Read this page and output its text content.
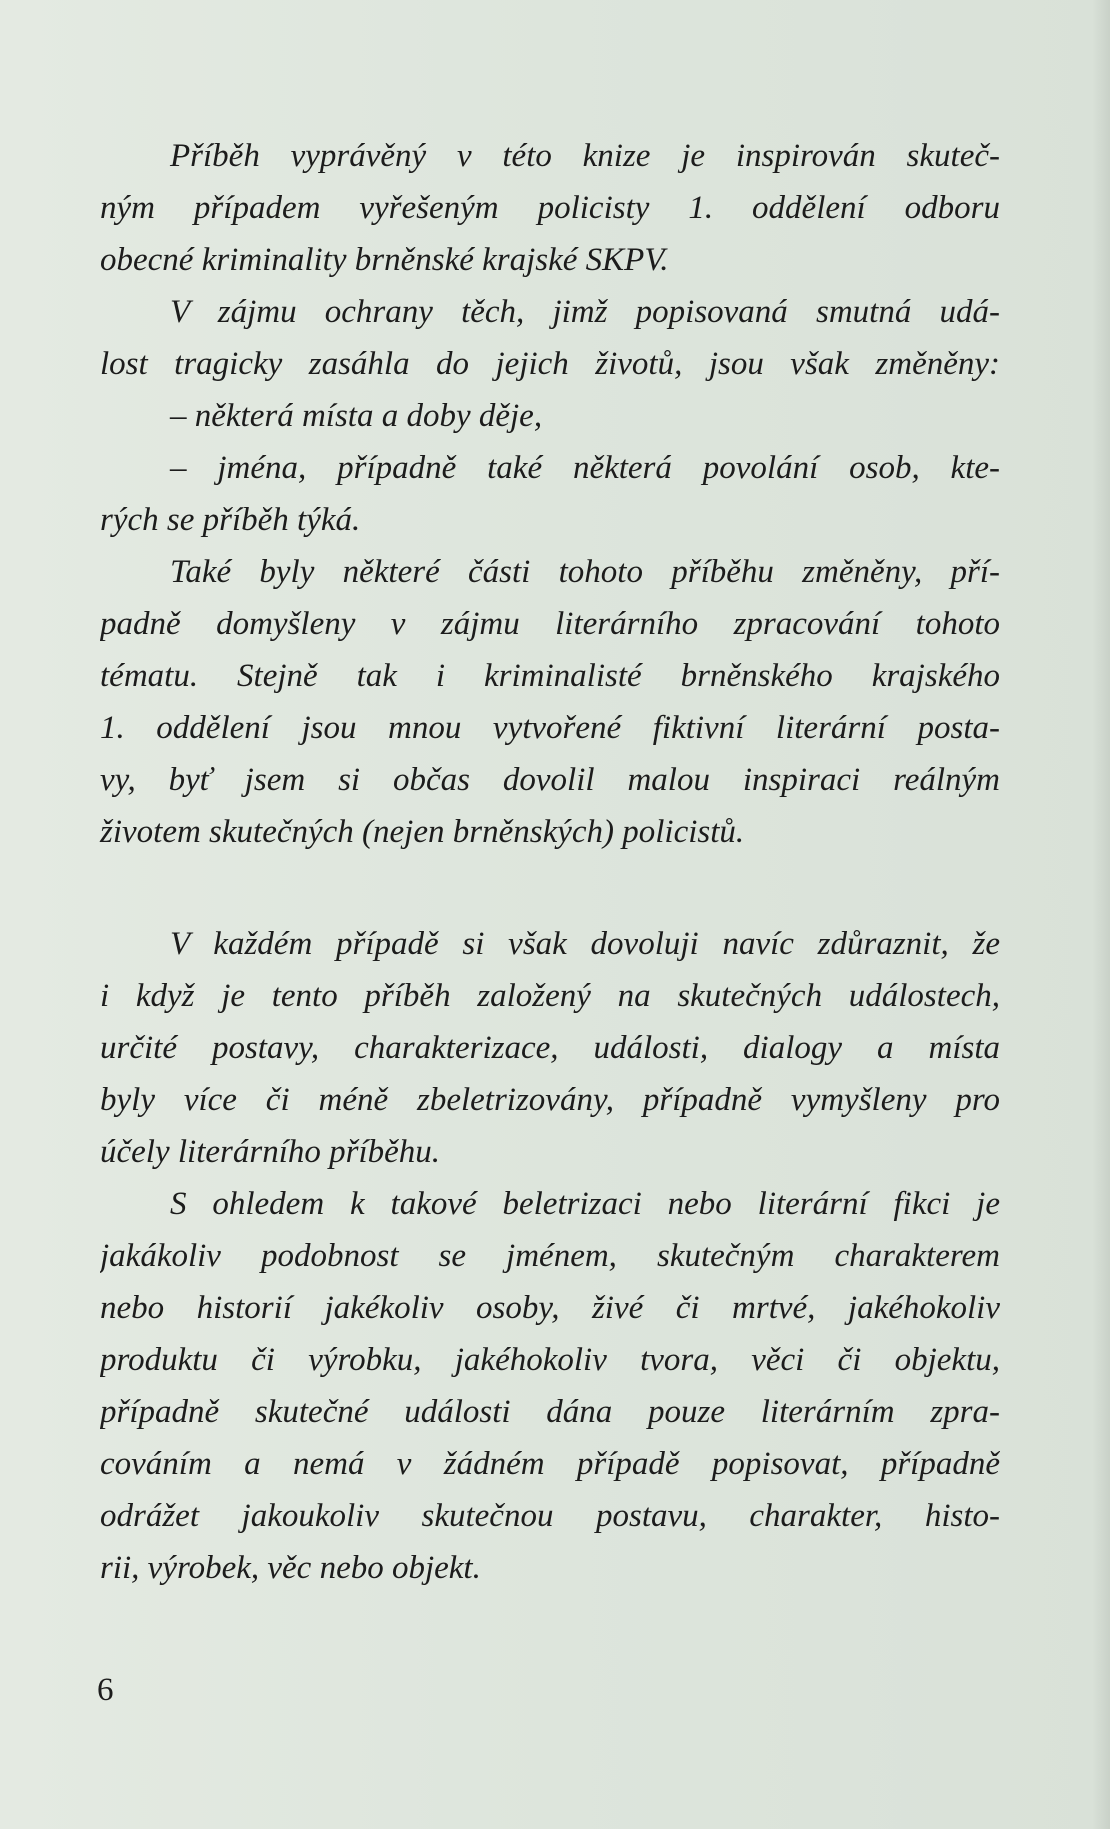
Příběh vyprávěný v této knize je inspirován skuteč-
ným případem vyřešeným policisty 1. oddělení odboru
obecné kriminality brněnské krajské SKPV.
V zájmu ochrany těch, jimž popisovaná smutná udá-
lost tragicky zasáhla do jejich životů, jsou však změněny:
– některá místa a doby děje,
– jména, případně také některá povolání osob, kte-
rých se příběh týká.
Také byly některé části tohoto příběhu změněny, pří-
padně domyšleny v zájmu literárního zpracování tohoto
tématu. Stejně tak i kriminalisté brněnského krajského
1. oddělení jsou mnou vytvořené fiktivní literární posta-
vy, byť jsem si občas dovolil malou inspiraci reálným
životem skutečných (nejen brněnských) policistů.
V každém případě si však dovoluji navíc zdůraznit, že
i když je tento příběh založený na skutečných událostech,
určité postavy, charakterizace, události, dialogy a místa
byly více či méně zbeletrizovány, případně vymyšleny pro
účely literárního příběhu.
S ohledem k takové beletrizaci nebo literární fikci je
jakákoliv podobnost se jménem, skutečným charakterem
nebo historií jakékoliv osoby, živé či mrtvé, jakéhokoliv
produktu či výrobku, jakéhokoliv tvora, věci či objektu,
případně skutečné události dána pouze literárním zpra-
cováním a nemá v žádném případě popisovat, případně
odrážet jakoukoliv skutečnou postavu, charakter, histo-
rii, výrobek, věc nebo objekt.
6
